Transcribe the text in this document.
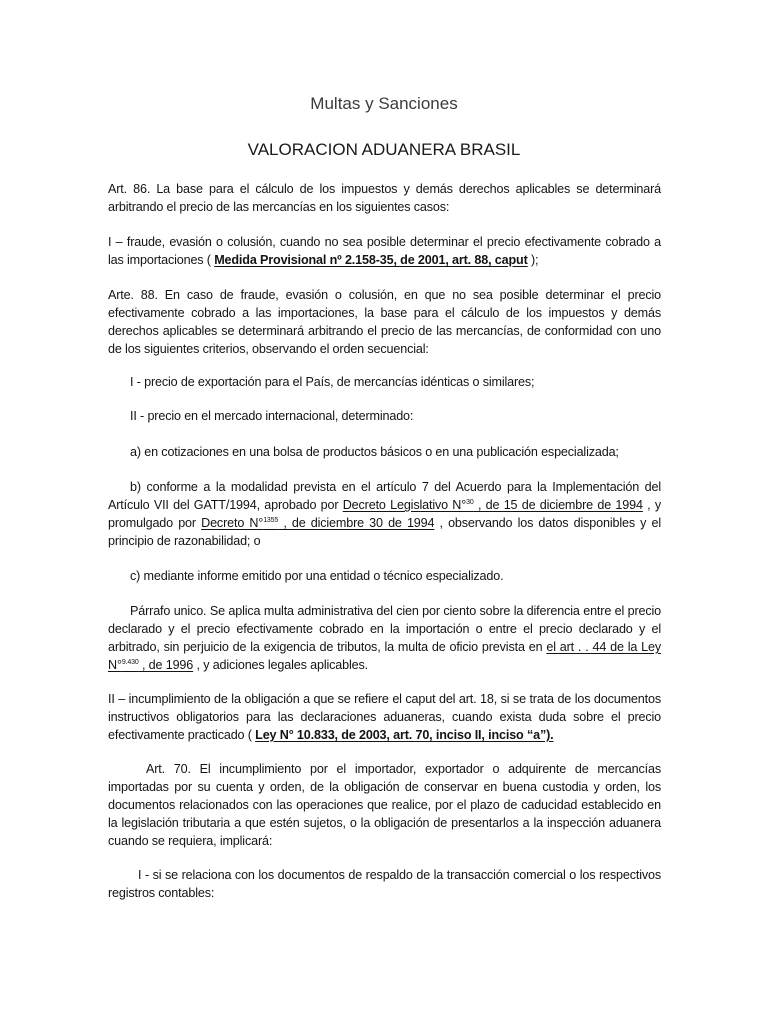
Multas y Sanciones
VALORACION ADUANERA BRASIL
Art. 86. La base para el cálculo de los impuestos y demás derechos aplicables se determinará arbitrando el precio de las mercancías en los siguientes casos:
I – fraude, evasión o colusión, cuando no sea posible determinar el precio efectivamente cobrado a las importaciones ( Medida Provisional nº 2.158-35, de 2001, art. 88, caput );
Arte. 88. En caso de fraude, evasión o colusión, en que no sea posible determinar el precio efectivamente cobrado a las importaciones, la base para el cálculo de los impuestos y demás derechos aplicables se determinará arbitrando el precio de las mercancías, de conformidad con uno de los siguientes criterios, observando el orden secuencial:
I - precio de exportación para el País, de mercancías idénticas o similares;
II - precio en el mercado internacional, determinado:
a) en cotizaciones en una bolsa de productos básicos o en una publicación especializada;
b) conforme a la modalidad prevista en el artículo 7 del Acuerdo para la Implementación del Artículo VII del GATT/1994, aprobado por Decreto Legislativo N°$^{30}$ , de 15 de diciembre de 1994 , y promulgado por Decreto N°$^{1355}$ , de diciembre 30 de 1994 , observando los datos disponibles y el principio de razonabilidad; o
c) mediante informe emitido por una entidad o técnico especializado.
Párrafo unico. Se aplica multa administrativa del cien por ciento sobre la diferencia entre el precio declarado y el precio efectivamente cobrado en la importación o entre el precio declarado y el arbitrado, sin perjuicio de la exigencia de tributos, la multa de oficio prevista en el art . . 44 de la Ley N°$^{9.430}$ , de 1996 , y adiciones legales aplicables.
II – incumplimiento de la obligación a que se refiere el caput del art. 18, si se trata de los documentos instructivos obligatorios para las declaraciones aduaneras, cuando exista duda sobre el precio efectivamente practicado ( Ley N° 10.833, de 2003, art. 70, inciso II, inciso “a”).
Art. 70. El incumplimiento por el importador, exportador o adquirente de mercancías importadas por su cuenta y orden, de la obligación de conservar en buena custodia y orden, los documentos relacionados con las operaciones que realice, por el plazo de caducidad establecido en la legislación tributaria a que estén sujetos, o la obligación de presentarlos a la inspección aduanera cuando se requiera, implicará:
I - si se relaciona con los documentos de respaldo de la transacción comercial o los respectivos registros contables:
